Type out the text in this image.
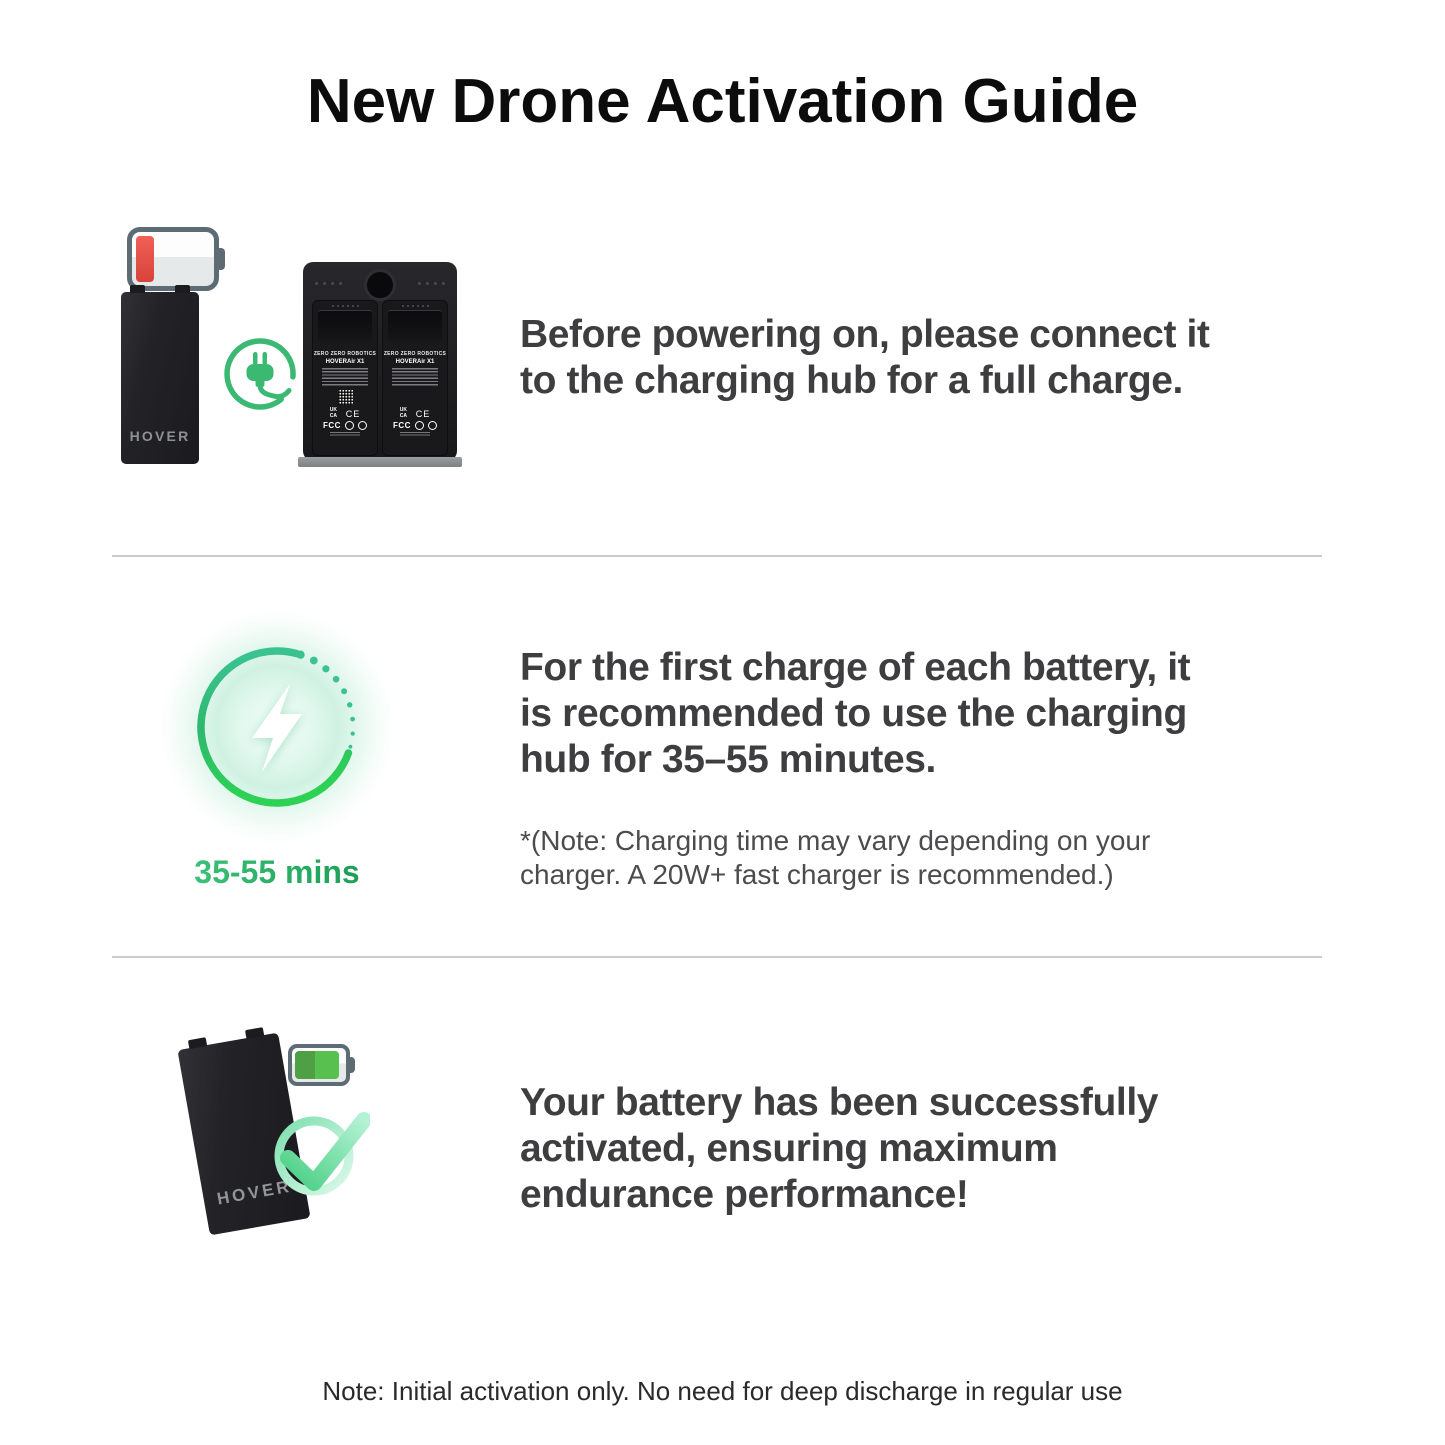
New Drone Activation Guide
HOVER
ZERO ZERO ROBOTICS
HOVERAir X1
UK CA CE
FCC
ZERO ZERO ROBOTICS
HOVERAir X1
UK CA CE
FCC
Before powering on, please connect it
to the charging hub for a full charge.
35-55 mins
For the first charge of each battery, it
is recommended to use the charging
hub for 35–55 minutes.
*(Note: Charging time may vary depending on your
charger. A 20W+ fast charger is recommended.)
HOVER
Your battery has been successfully
activated, ensuring maximum
endurance performance!
Note: Initial activation only. No need for deep discharge in regular use
